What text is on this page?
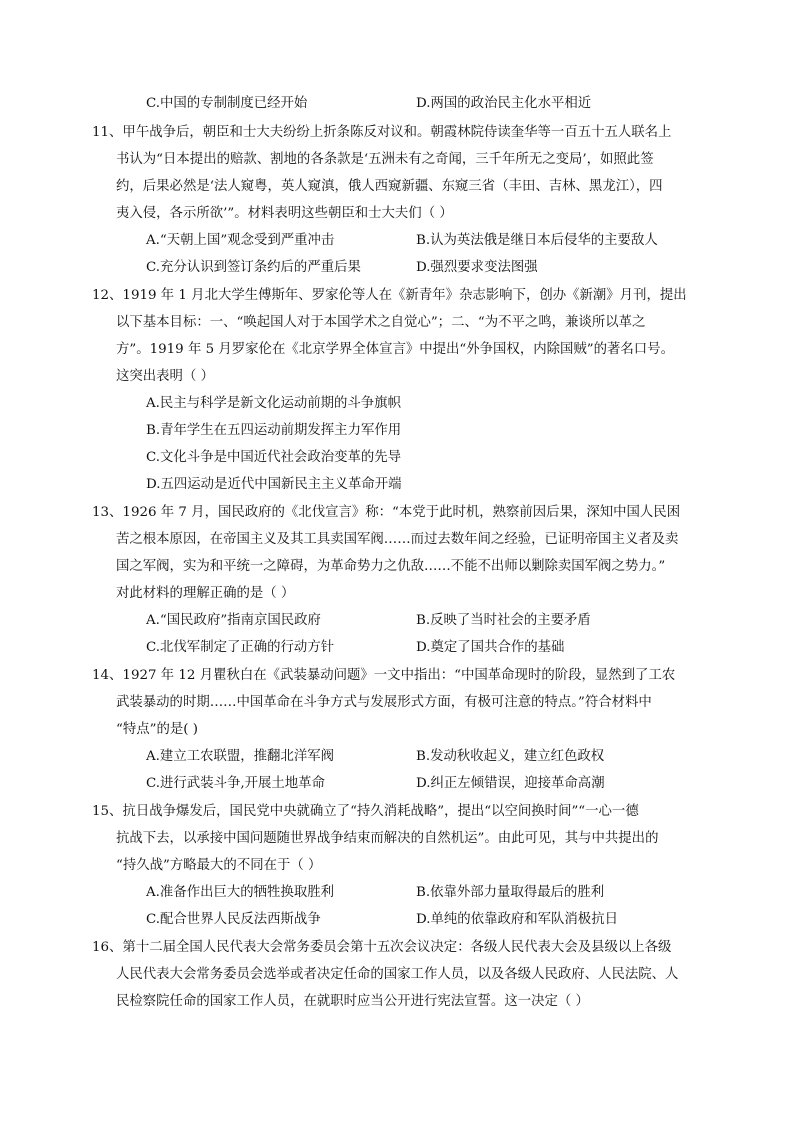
C.中国的专制制度已经开始	D.两国的政治民主化水平相近
11、甲午战争后，朝臣和士大夫纷纷上折条陈反对议和。朝霞林院侍读奎华等一百五十五人联名上
书认为“日本提出的赔款、割地的各条款是‘五洲未有之奇闻，三千年所无之变局’，如照此签
约，后果必然是‘法人窥粤，英人窥滇，俄人西窥新疆、东窥三省（丰田、吉林、黑龙江），四
夷入侵，各示所欲’”。材料表明这些朝臣和士大夫们（ ）
A.“天朝上国”观念受到严重冲击	B.认为英法俄是继日本后侵华的主要敌人
C.充分认识到签订条约后的严重后果	D.强烈要求变法图强
12、1919 年 1 月北大学生傅斯年、罗家伦等人在《新青年》杂志影响下，创办《新潮》月刊，提出
以下基本目标：一、“唤起国人对于本国学术之自觉心”；二、“为不平之鸣，兼谈所以革之
方”。1919 年 5 月罗家伦在《北京学界全体宣言》中提出“外争国权，内除国贼”的著名口号。
这突出表明（ ）
A.民主与科学是新文化运动前期的斗争旗帜
B.青年学生在五四运动前期发挥主力军作用
C.文化斗争是中国近代社会政治变革的先导
D.五四运动是近代中国新民主主义革命开端
13、1926 年 7 月，国民政府的《北伐宣言》称：“本党于此时机，熟察前因后果，深知中国人民困
苦之根本原因，在帝国主义及其工具卖国军阀……而过去数年间之经验，已证明帝国主义者及卖
国之军阀，实为和平统一之障碍，为革命势力之仇敌……不能不出师以剿除卖国军阀之势力。”
对此材料的理解正确的是（ ）
A.“国民政府”指南京国民政府	B.反映了当时社会的主要矛盾
C.北伐军制定了正确的行动方针	D.奠定了国共合作的基础
14、1927 年 12 月瞿秋白在《武装暴动问题》一文中指出：“中国革命现时的阶段，显然到了工农
武装暴动的时期……中国革命在斗争方式与发展形式方面，有极可注意的特点。”符合材料中
“特点”的是( )
A.建立工农联盟，推翻北洋军阀	B.发动秋收起义，建立红色政权
C.进行武装斗争,开展土地革命	D.纠正左倾错误，迎接革命高潮
15、抗日战争爆发后，国民党中央就确立了“持久消耗战略”，提出“以空间换时间”“一心一德
抗战下去，以承接中国问题随世界战争结束而解决的自然机运”。由此可见，其与中共提出的
“持久战”方略最大的不同在于（ ）
A.准备作出巨大的牺牲换取胜利	B.依靠外部力量取得最后的胜利
C.配合世界人民反法西斯战争	D.单纯的依靠政府和军队消极抗日
16、第十二届全国人民代表大会常务委员会第十五次会议决定：各级人民代表大会及县级以上各级
人民代表大会常务委员会选举或者决定任命的国家工作人员，以及各级人民政府、人民法院、人
民检察院任命的国家工作人员，在就职时应当公开进行宪法宣誓。这一决定（ ）
